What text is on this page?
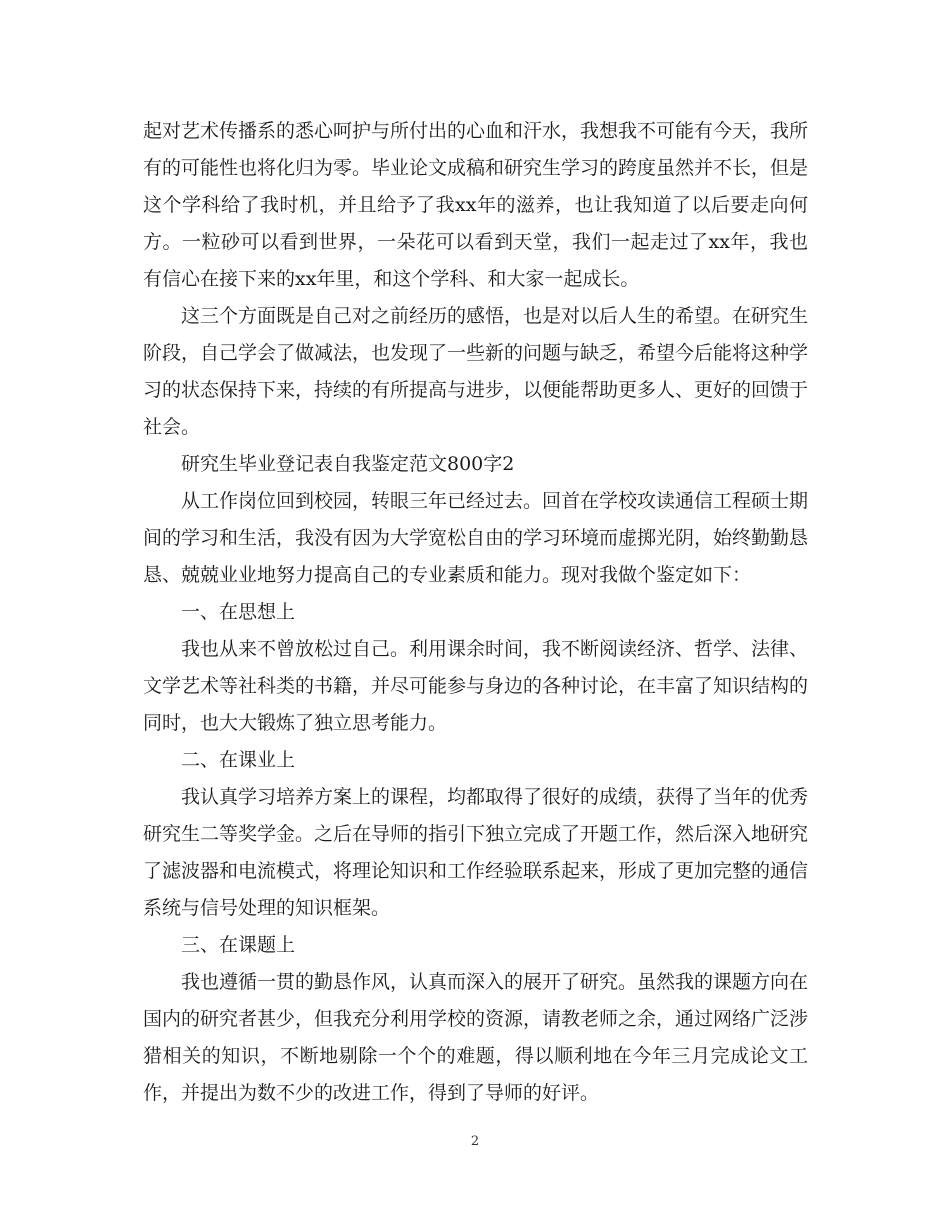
起对艺术传播系的悉心呵护与所付出的心血和汗水，我想我不可能有今天，我所有的可能性也将化归为零。毕业论文成稿和研究生学习的跨度虽然并不长，但是这个学科给了我时机，并且给予了我xx年的滋养，也让我知道了以后要走向何方。一粒砂可以看到世界，一朵花可以看到天堂，我们一起走过了xx年，我也有信心在接下来的xx年里，和这个学科、和大家一起成长。

这三个方面既是自己对之前经历的感悟，也是对以后人生的希望。在研究生阶段，自己学会了做减法，也发现了一些新的问题与缺乏，希望今后能将这种学习的状态保持下来，持续的有所提高与进步，以便能帮助更多人、更好的回馈于社会。

研究生毕业登记表自我鉴定范文800字2

从工作岗位回到校园，转眼三年已经过去。回首在学校攻读通信工程硕士期间的学习和生活，我没有因为大学宽松自由的学习环境而虚掷光阴，始终勤勤恳恳、兢兢业业地努力提高自己的专业素质和能力。现对我做个鉴定如下：

一、在思想上

我也从来不曾放松过自己。利用课余时间，我不断阅读经济、哲学、法律、文学艺术等社科类的书籍，并尽可能参与身边的各种讨论，在丰富了知识结构的同时，也大大锻炼了独立思考能力。

二、在课业上

我认真学习培养方案上的课程，均都取得了很好的成绩，获得了当年的优秀研究生二等奖学金。之后在导师的指引下独立完成了开题工作，然后深入地研究了滤波器和电流模式，将理论知识和工作经验联系起来，形成了更加完整的通信系统与信号处理的知识框架。

三、在课题上

我也遵循一贯的勤恳作风，认真而深入的展开了研究。虽然我的课题方向在国内的研究者甚少，但我充分利用学校的资源，请教老师之余，通过网络广泛涉猎相关的知识，不断地剔除一个个的难题，得以顺利地在今年三月完成论文工作，并提出为数不少的改进工作，得到了导师的好评。

2
